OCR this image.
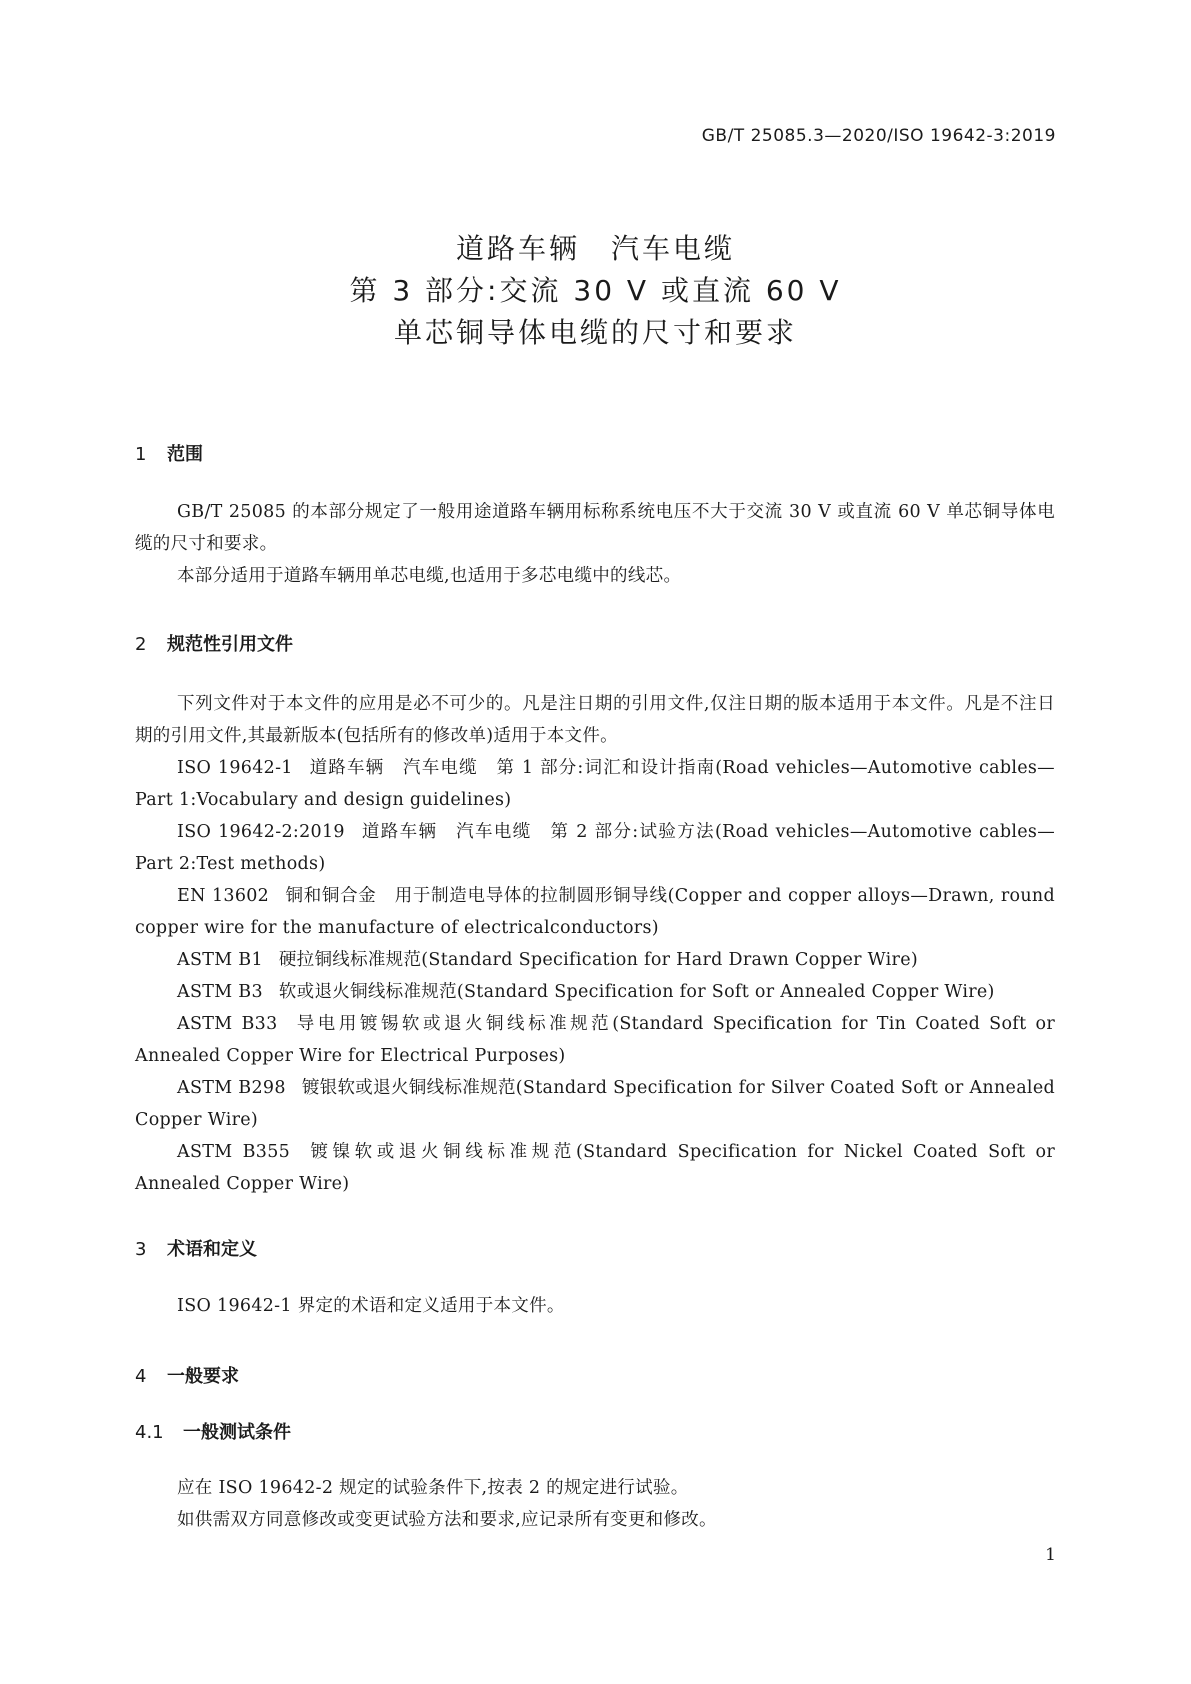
GB/T 25085.3—2020/ISO 19642-3:2019
道路车辆　汽车电缆
第 3 部分:交流 30 V 或直流 60 V
单芯铜导体电缆的尺寸和要求
1 范围
GB/T 25085 的本部分规定了一般用途道路车辆用标称系统电压不大于交流 30 V 或直流 60 V 单芯铜导体电缆的尺寸和要求。
本部分适用于道路车辆用单芯电缆,也适用于多芯电缆中的线芯。
2 规范性引用文件
下列文件对于本文件的应用是必不可少的。凡是注日期的引用文件,仅注日期的版本适用于本文件。凡是不注日期的引用文件,其最新版本(包括所有的修改单)适用于本文件。
ISO 19642-1 道路车辆　汽车电缆　第 1 部分:词汇和设计指南(Road vehicles—Automotive cables—Part 1:Vocabulary and design guidelines)
ISO 19642-2:2019 道路车辆　汽车电缆　第 2 部分:试验方法(Road vehicles—Automotive cables—Part 2:Test methods)
EN 13602 铜和铜合金　用于制造电导体的拉制圆形铜导线(Copper and copper alloys—Drawn, round copper wire for the manufacture of electricalconductors)
ASTM B1 硬拉铜线标准规范(Standard Specification for Hard Drawn Copper Wire)
ASTM B3 软或退火铜线标准规范(Standard Specification for Soft or Annealed Copper Wire)
ASTM B33 导电用镀锡软或退火铜线标准规范(Standard Specification for Tin Coated Soft or Annealed Copper Wire for Electrical Purposes)
ASTM B298 镀银软或退火铜线标准规范(Standard Specification for Silver Coated Soft or Annealed Copper Wire)
ASTM B355 镀镍软或退火铜线标准规范(Standard Specification for Nickel Coated Soft or Annealed Copper Wire)
3 术语和定义
ISO 19642-1 界定的术语和定义适用于本文件。
4 一般要求
4.1 一般测试条件
应在 ISO 19642-2 规定的试验条件下,按表 2 的规定进行试验。
如供需双方同意修改或变更试验方法和要求,应记录所有变更和修改。
1
